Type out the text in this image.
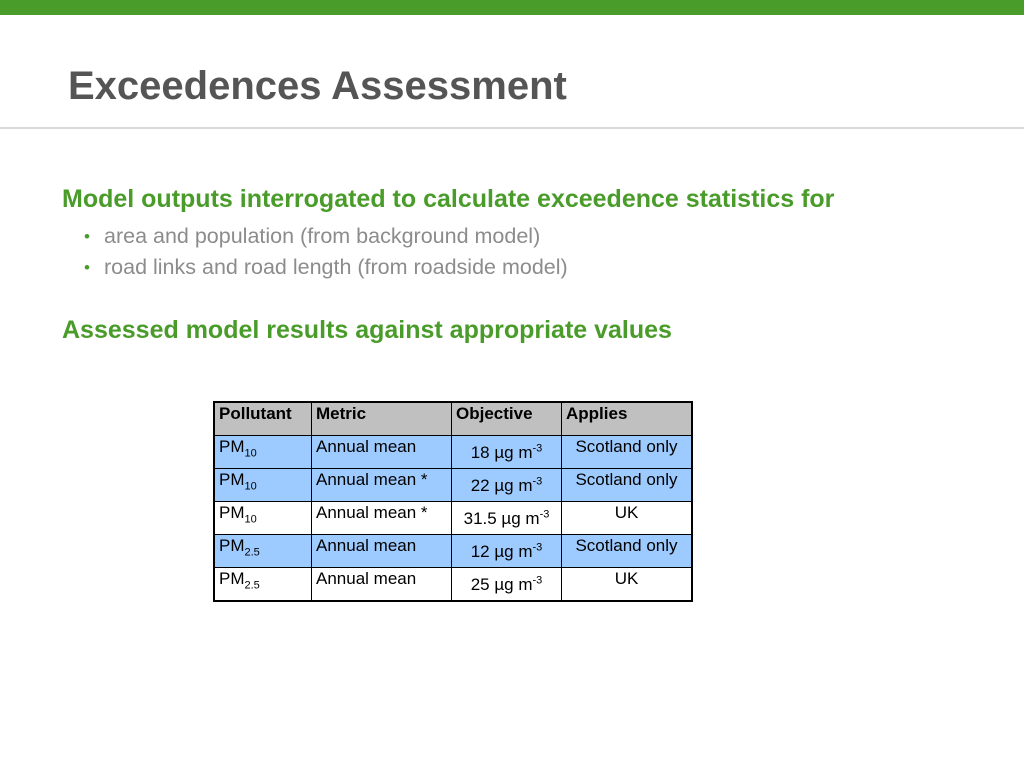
Exceedences Assessment

Model outputs interrogated to calculate exceedence statistics for

• area and population (from background model)
• road links and road length (from roadside model)

Assessed model results against appropriate values

Pollutant	Metric	Objective	Applies
$PM_{10}$	Annual mean	18 µg $m^{-3}$	Scotland only
$PM_{10}$	Annual mean *	22 µg $m^{-3}$	Scotland only
$PM_{10}$	Annual mean *	31.5 µg $m^{-3}$	UK
$PM_{2.5}$	Annual mean	12 µg $m^{-3}$	Scotland only
$PM_{2.5}$	Annual mean	25 µg $m^{-3}$	UK
